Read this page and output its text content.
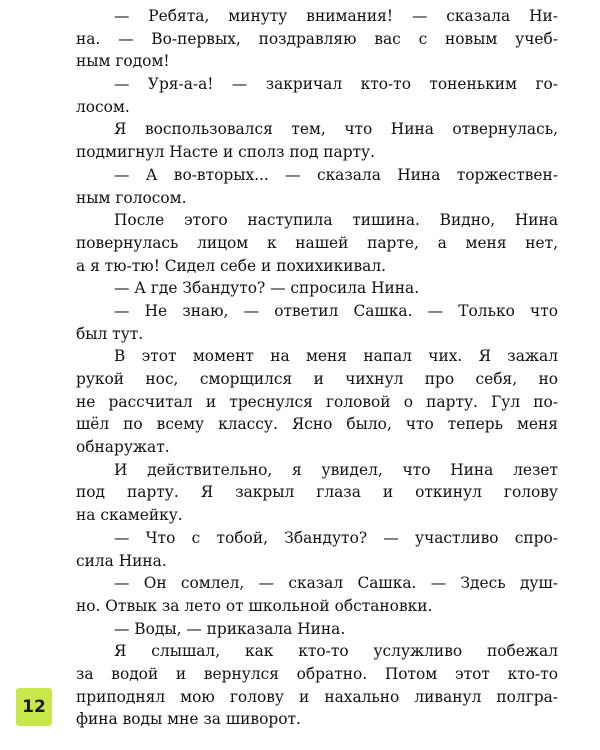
— Ребята, минуту внимания! — сказала Ни-
на. — Во-первых, поздравляю вас с новым учеб-
ным годом!
— Уря-а-а! — закричал кто-то тоненьким го-
лосом.
Я воспользовался тем, что Нина отвернулась,
подмигнул Насте и сполз под парту.
— А во-вторых... — сказала Нина торжествен-
ным голосом.
После этого наступила тишина. Видно, Нина
повернулась лицом к нашей парте, а меня нет,
а я тю-тю! Сидел себе и похихикивал.
— А где Збандуто? — спросила Нина.
— Не знаю, — ответил Сашка. — Только что
был тут.
В этот момент на меня напал чих. Я зажал
рукой нос, сморщился и чихнул про себя, но
не рассчитал и треснулся головой о парту. Гул по-
шёл по всему классу. Ясно было, что теперь меня
обнаружат.
И действительно, я увидел, что Нина лезет
под парту. Я закрыл глаза и откинул голову
на скамейку.
— Что с тобой, Збандуто? — участливо спро-
сила Нина.
— Он сомлел, — сказал Сашка. — Здесь душ-
но. Отвык за лето от школьной обстановки.
— Воды, — приказала Нина.
Я слышал, как кто-то услужливо побежал
за водой и вернулся обратно. Потом этот кто-то
приподнял мою голову и нахально ливанул полгра-
фина воды мне за шиворот.
12
